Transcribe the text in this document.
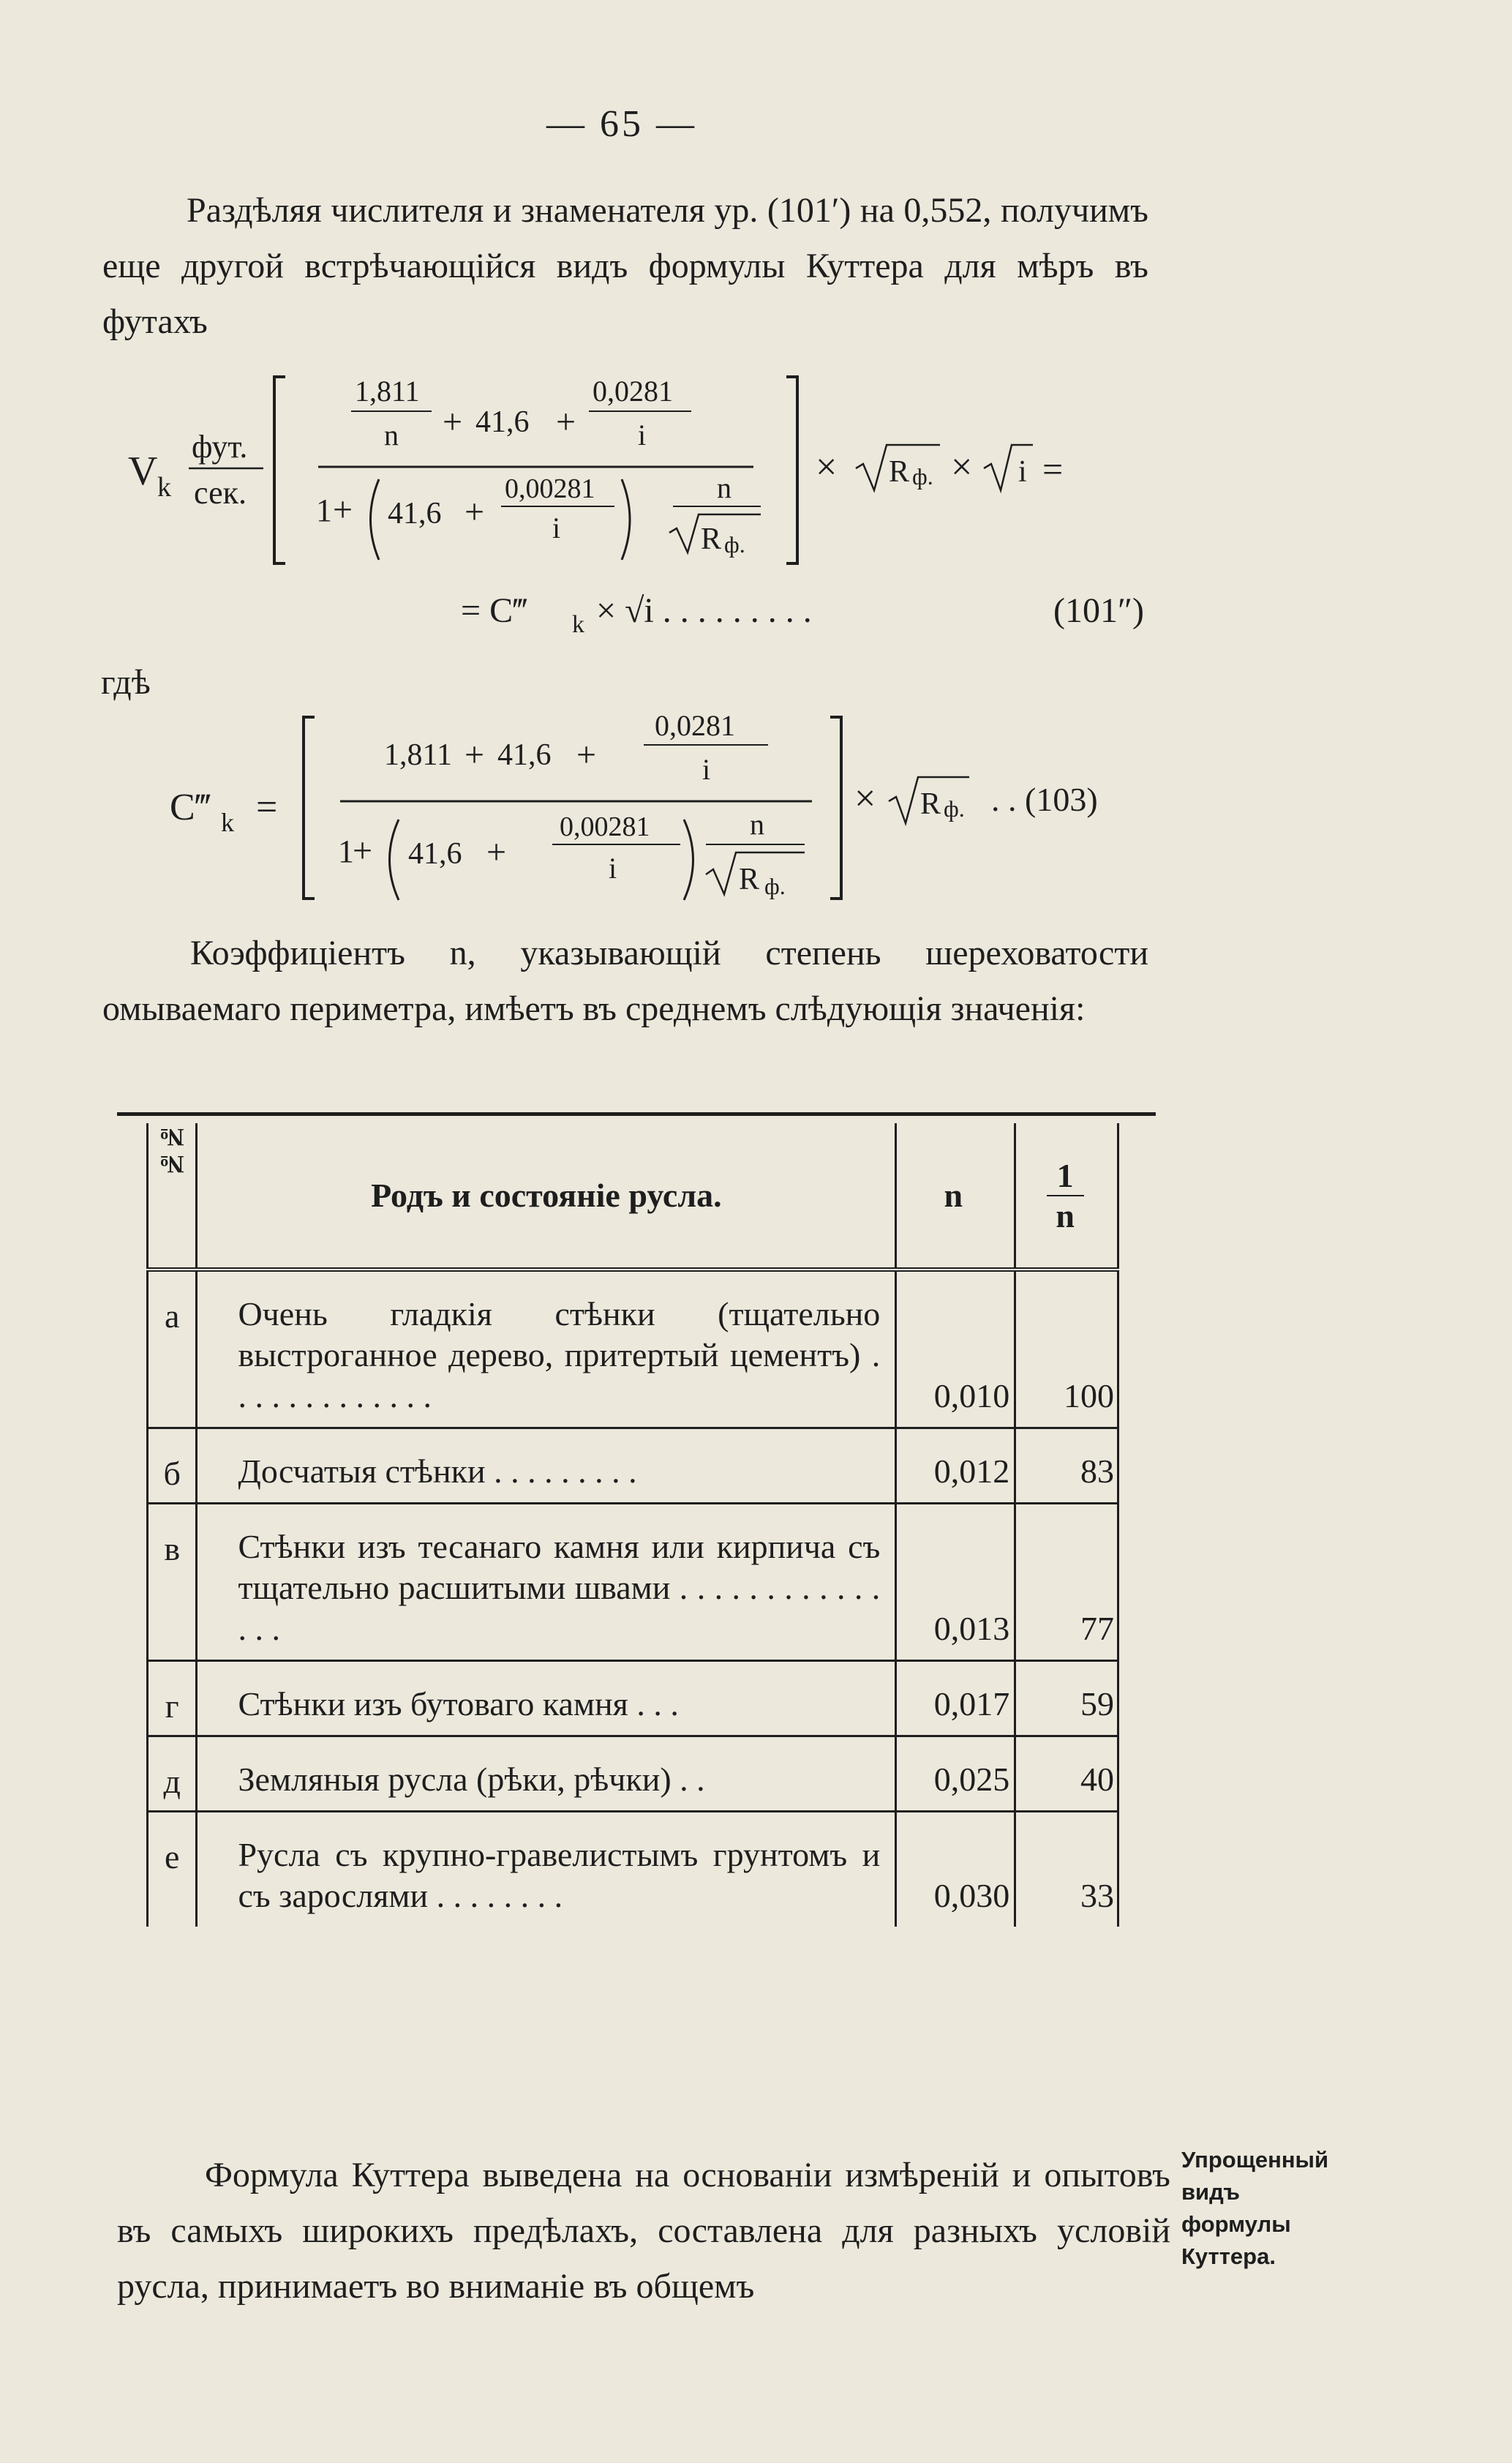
— 65 —
Раздѣляя числителя и знаменателя ур. (101′) на 0,552, получимъ еще другой встрѣчающійся видъ формулы Куттера для мѣръ въ футахъ
V k
фут.
сек.
1,811
n + 41,6 +
0,0281
i
1 + 41,6 +
0,00281
i
n
R ф.
× R ф. × i =
= C‴ k × √i . . . . . . . . .	(101″)
гдѣ
C‴ k =
1,811 + 41,6 +
0,0281
i
1
+ 41,6 +
0,00281
i
n
R ф.
× R ф. . . (103)
Коэффиціентъ n, указывающій степень шереховатости омываемаго периметра, имѣетъ въ среднемъ слѣдующія значенія:
№№	Родъ и состояніе русла.	n	$\frac{1}{n}$

а	Очень гладкія стѣнки (тщательно выстроганное дерево, притертый цементъ) . . . . . . . . . . . . .	0,010	100

б	Досчатыя стѣнки . . . . . . . . .	0,012	83

в	Стѣнки изъ тесанаго камня или кирпича съ тщательно расшитыми швами . . . . . . . . . . . . . . .	0,013	77

г	Стѣнки изъ бутоваго камня . . .	0,017	59

д	Земляныя русла (рѣки, рѣчки) . .	0,025	40

е	Русла съ крупно-гравелистымъ грунтомъ и съ зарослями . . . . . . . .	0,030	33
Формула Куттера выведена на основаніи измѣреній и опытовъ въ самыхъ широкихъ предѣлахъ, составлена для разныхъ условій русла, принимаетъ во вниманіе въ общемъ
Упрощенный видъ формулы Куттера.
